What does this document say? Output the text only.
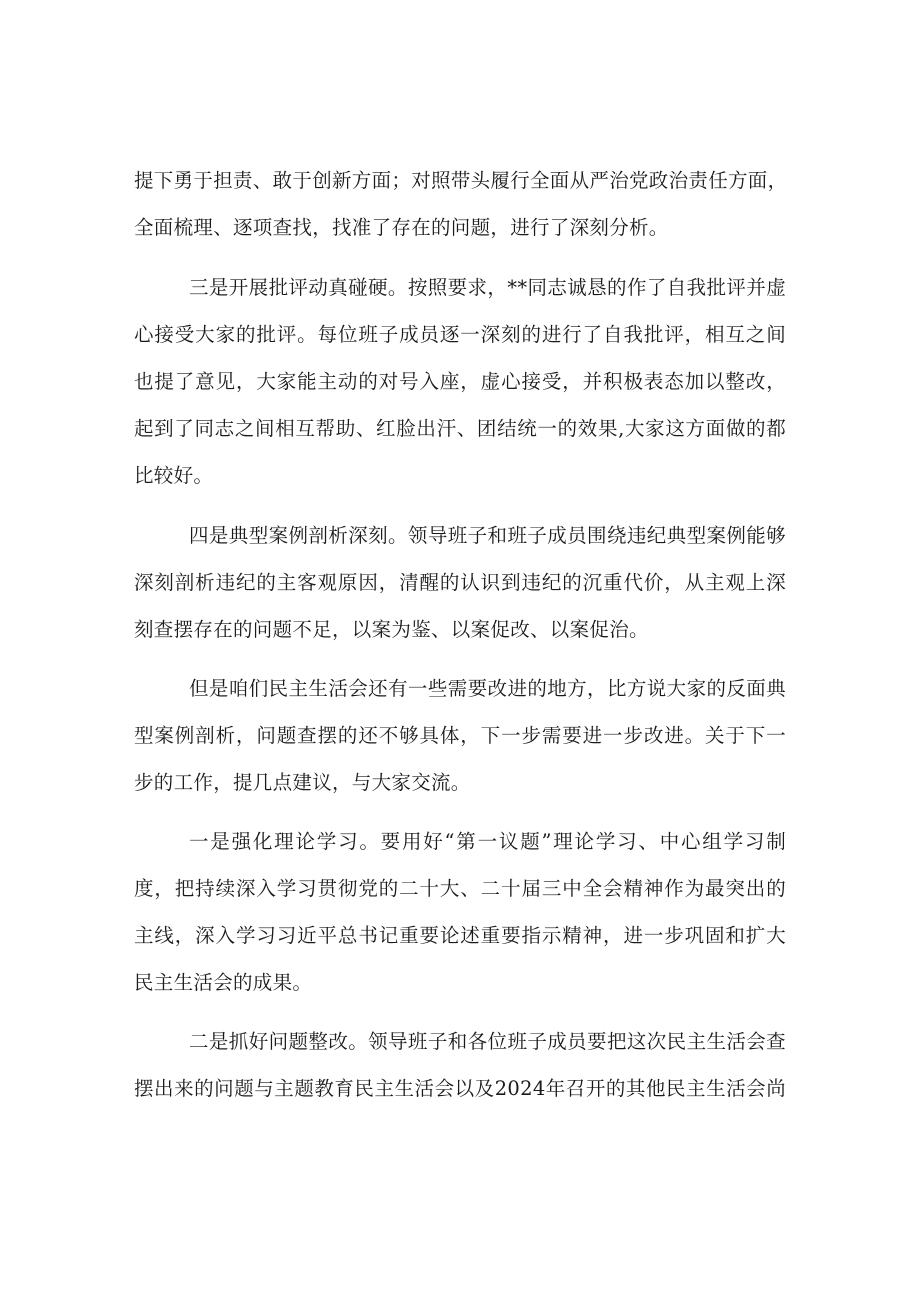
提下勇于担责、敢于创新方面；对照带头履行全面从严治党政治责任方面，
全面梳理、逐项查找，找准了存在的问题，进行了深刻分析。
三是开展批评动真碰硬。按照要求，**同志诚恳的作了自我批评并虚
心接受大家的批评。每位班子成员逐一深刻的进行了自我批评，相互之间
也提了意见，大家能主动的对号入座，虚心接受，并积极表态加以整改，
起到了同志之间相互帮助、红脸出汗、团结统一的效果,大家这方面做的都
比较好。
四是典型案例剖析深刻。领导班子和班子成员围绕违纪典型案例能够
深刻剖析违纪的主客观原因，清醒的认识到违纪的沉重代价，从主观上深
刻查摆存在的问题不足，以案为鉴、以案促改、以案促治。
但是咱们民主生活会还有一些需要改进的地方，比方说大家的反面典
型案例剖析，问题查摆的还不够具体，下一步需要进一步改进。关于下一
步的工作，提几点建议，与大家交流。
一是强化理论学习。要用好“第一议题”理论学习、中心组学习制
度，把持续深入学习贯彻党的二十大、二十届三中全会精神作为最突出的
主线，深入学习习近平总书记重要论述重要指示精神，进一步巩固和扩大
民主生活会的成果。
二是抓好问题整改。领导班子和各位班子成员要把这次民主生活会查
摆出来的问题与主题教育民主生活会以及2024年召开的其他民主生活会尚
